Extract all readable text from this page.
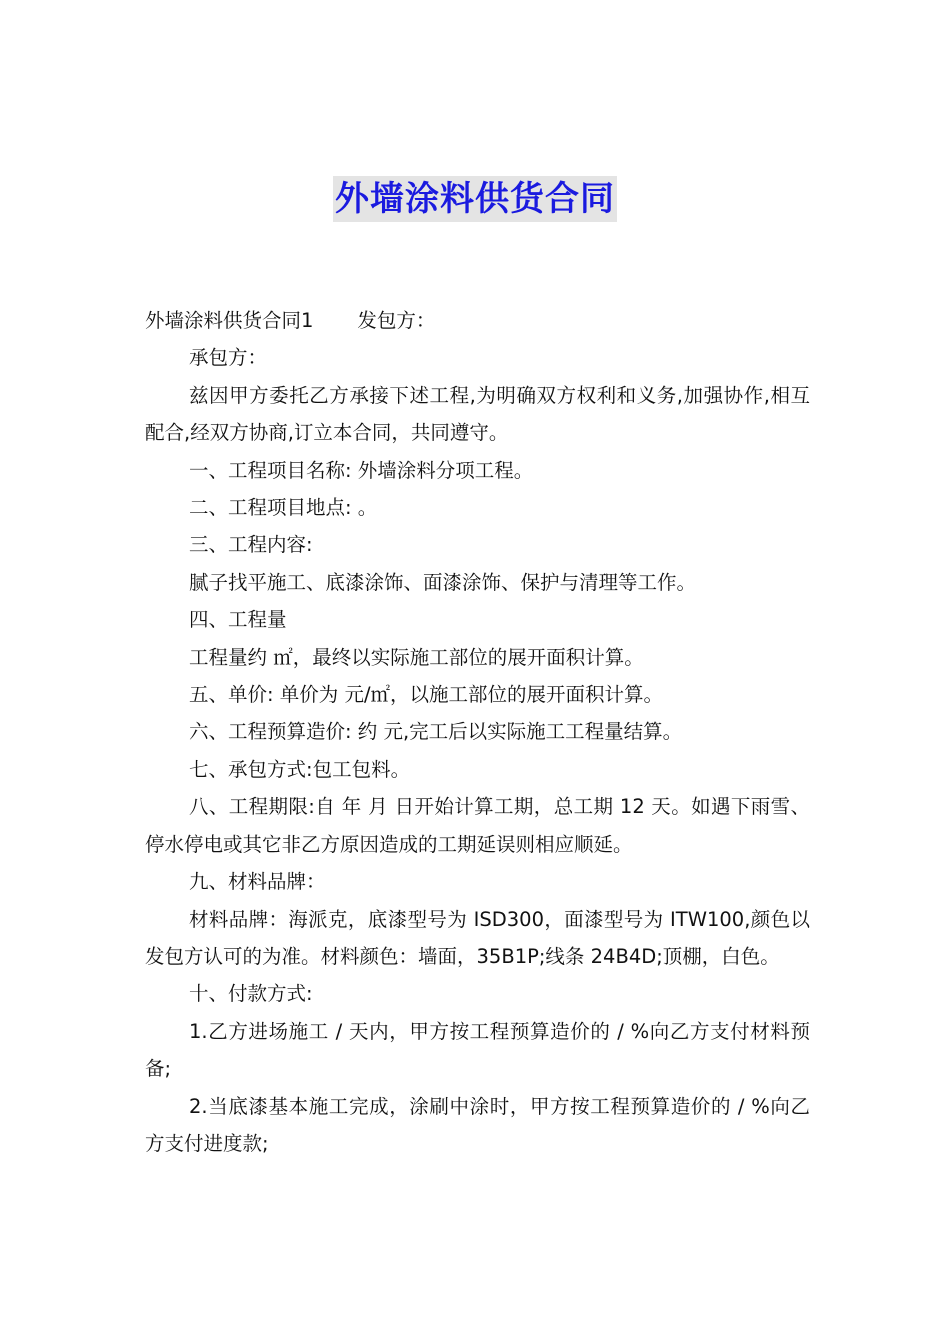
外墙涂料供货合同

外墙涂料供货合同1 发包方：

承包方：

兹因甲方委托乙方承接下述工程,为明确双方权利和义务,加强协作,相互配合,经双方协商,订立本合同，共同遵守。

一、工程项目名称: 外墙涂料分项工程。

二、工程项目地点: 。

三、工程内容:

腻子找平施工、底漆涂饰、面漆涂饰、保护与清理等工作。

四、工程量

工程量约 ㎡，最终以实际施工部位的展开面积计算。

五、单价: 单价为 元/㎡，以施工部位的展开面积计算。

六、工程预算造价: 约 元,完工后以实际施工工程量结算。

七、承包方式:包工包料。

八、工程期限:自 年 月 日开始计算工期，总工期 12 天。如遇下雨雪、停水停电或其它非乙方原因造成的工期延误则相应顺延。

九、材料品牌：

材料品牌：海派克，底漆型号为 ISD300，面漆型号为 ITW100,颜色以发包方认可的为准。材料颜色：墙面，35B1P;线条 24B4D;顶棚，白色。

十、付款方式:

1.乙方进场施工 / 天内，甲方按工程预算造价的 / %向乙方支付材料预备;

2.当底漆基本施工完成，涂刷中涂时，甲方按工程预算造价的 / %向乙方支付进度款;
